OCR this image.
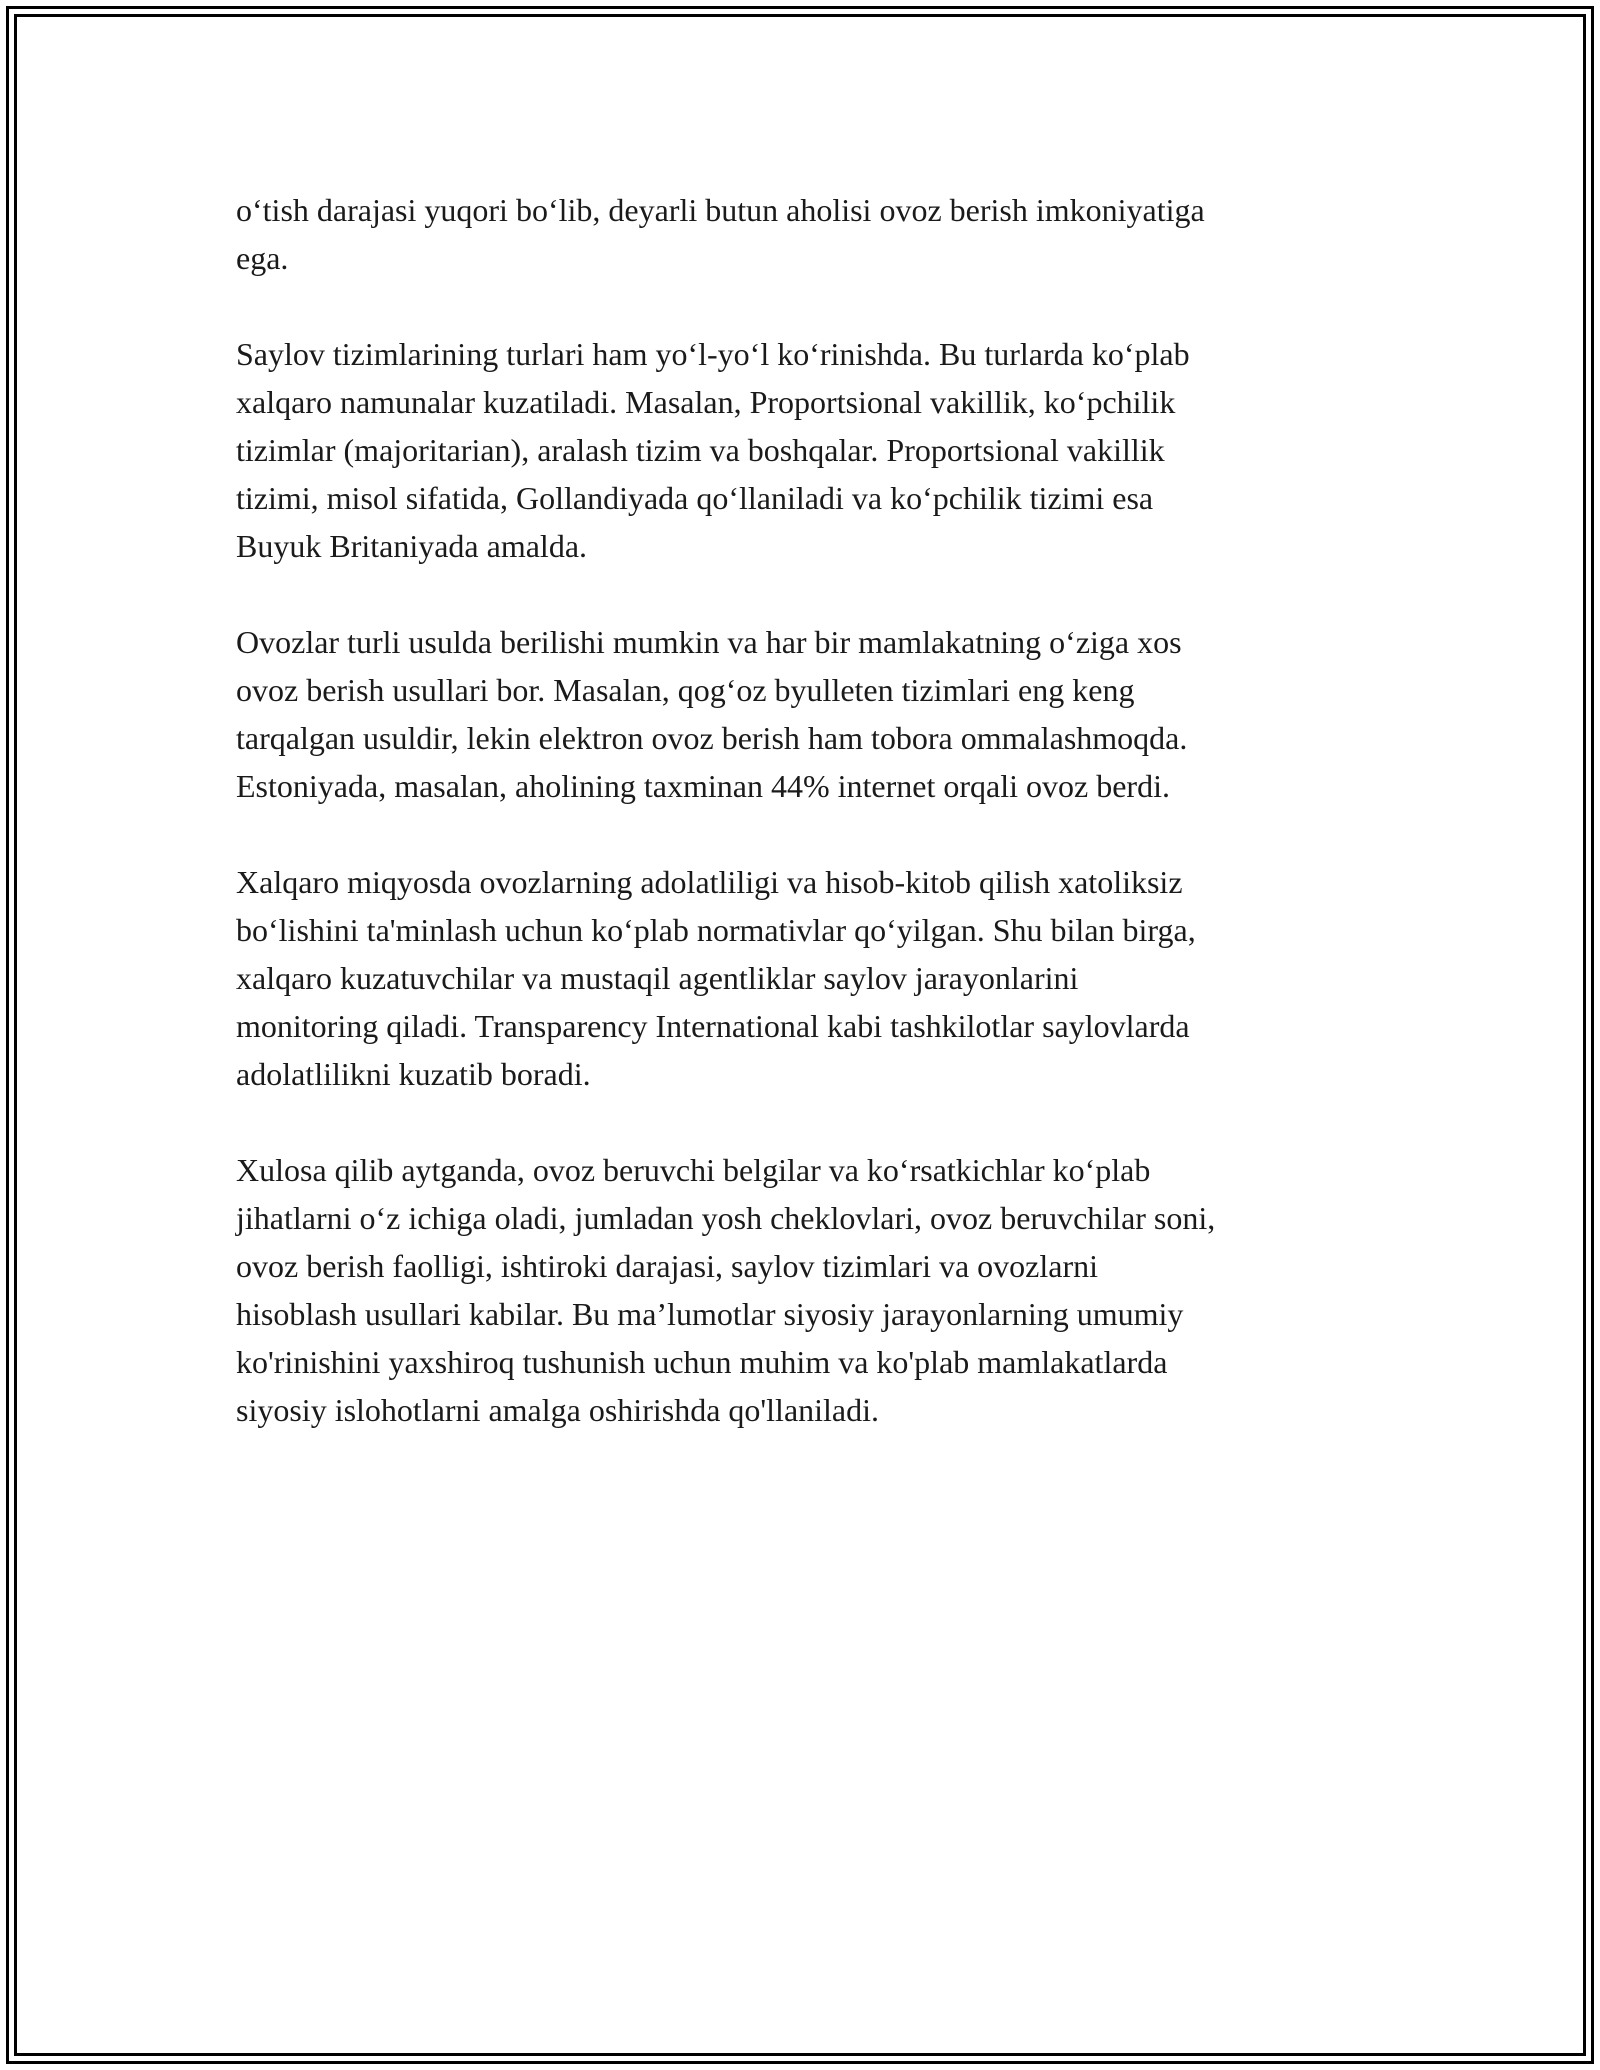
o‘tish darajasi yuqori bo‘lib, deyarli butun aholisi ovoz berish imkoniyatiga
ega.

Saylov tizimlarining turlari ham yo‘l-yo‘l ko‘rinishda. Bu turlarda ko‘plab
xalqaro namunalar kuzatiladi. Masalan, Proportsional vakillik, ko‘pchilik
tizimlar (majoritarian), aralash tizim va boshqalar. Proportsional vakillik
tizimi, misol sifatida, Gollandiyada qo‘llaniladi va ko‘pchilik tizimi esa
Buyuk Britaniyada amalda.

Ovozlar turli usulda berilishi mumkin va har bir mamlakatning o‘ziga xos
ovoz berish usullari bor. Masalan, qog‘oz byulleten tizimlari eng keng
tarqalgan usuldir, lekin elektron ovoz berish ham tobora ommalashmoqda.
Estoniyada, masalan, aholining taxminan 44% internet orqali ovoz berdi.

Xalqaro miqyosda ovozlarning adolatliligi va hisob-kitob qilish xatoliksiz
bo‘lishini ta'minlash uchun ko‘plab normativlar qo‘yilgan. Shu bilan birga,
xalqaro kuzatuvchilar va mustaqil agentliklar saylov jarayonlarini
monitoring qiladi. Transparency International kabi tashkilotlar saylovlarda
adolatlilikni kuzatib boradi.

Xulosa qilib aytganda, ovoz beruvchi belgilar va ko‘rsatkichlar ko‘plab
jihatlarni o‘z ichiga oladi, jumladan yosh cheklovlari, ovoz beruvchilar soni,
ovoz berish faolligi, ishtiroki darajasi, saylov tizimlari va ovozlarni
hisoblash usullari kabilar. Bu ma’lumotlar siyosiy jarayonlarning umumiy
ko'rinishini yaxshiroq tushunish uchun muhim va ko'plab mamlakatlarda
siyosiy islohotlarni amalga oshirishda qo'llaniladi.
